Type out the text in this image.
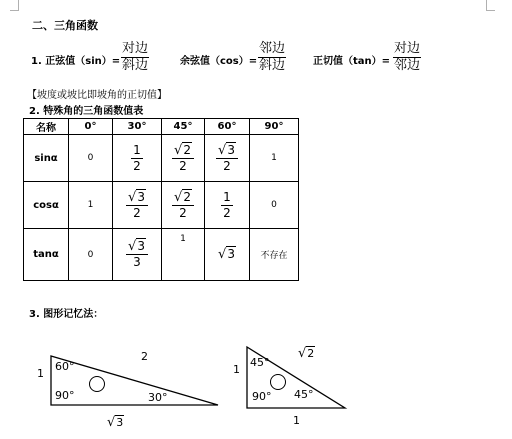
二、三角函数
1. 正弦值（sin）=
对边
斜边	余弦值（cos）=
邻边
斜边	正切值（tan）=
对边
邻边
【坡度或坡比即坡角的正切值】
2. 特殊角的三角函数值表
名称	0°	30°	45°	60°	90°
sinα	0	$\frac{1}{2}$	$\frac{√2}{2}$	$\frac{√3}{2}$	1
cosα	1	$\frac{√3}{2}$	$\frac{√2}{2}$	$\frac{1}{2}$	0
tanα	0	$\frac{√3}{3}$	1	√3	不存在
3. 图形记忆法：
1
2
60°
90°	30°
√3
1
√2
45°
90° 45°
1
